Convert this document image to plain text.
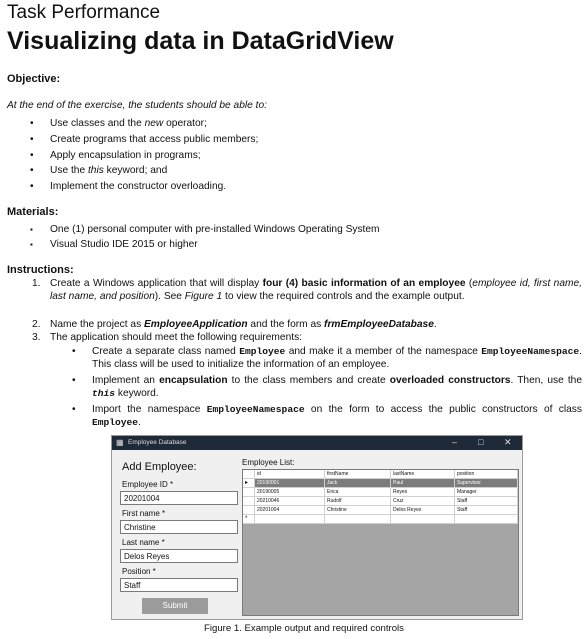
Task Performance
Visualizing data in DataGridView
Objective:
At the end of the exercise, the students should be able to:
• Use classes and the new operator;
• Create programs that access public members;
• Apply encapsulation in programs;
• Use the this keyword; and
• Implement the constructor overloading.
Materials:
▪ One (1) personal computer with pre-installed Windows Operating System
▪ Visual Studio IDE 2015 or higher
Instructions:
1. Create a Windows application that will display four (4) basic information of an employee (employee id, first name, last name, and position). See Figure 1 to view the required controls and the example output.
2. Name the project as EmployeeApplication and the form as frmEmployeeDatabase.
3. The application should meet the following requirements:
• Create a separate class named Employee and make it a member of the namespace EmployeeNamespace. This class will be used to initialize the information of an employee.
• Implement an encapsulation to the class members and create overloaded constructors. Then, use the this keyword.
• Import the namespace EmployeeNamespace on the form to access the public constructors of class Employee.
▦ Employee Database	– □ ✕
Add Employee:
Employee ID *
20201004
First name *
Christine
Last name *
Delos Reyes
Position *
Staff
Submit
Employee List:
id	firstName	lastName	position
▸	20190001	Jack	Paul	Supervisor
20190005	Erica	Reyes	Manager
20210046	Rudolf	Cruz	Staff
20201004	Christine	Delos Reyes	Staff
*
Figure 1. Example output and required controls
